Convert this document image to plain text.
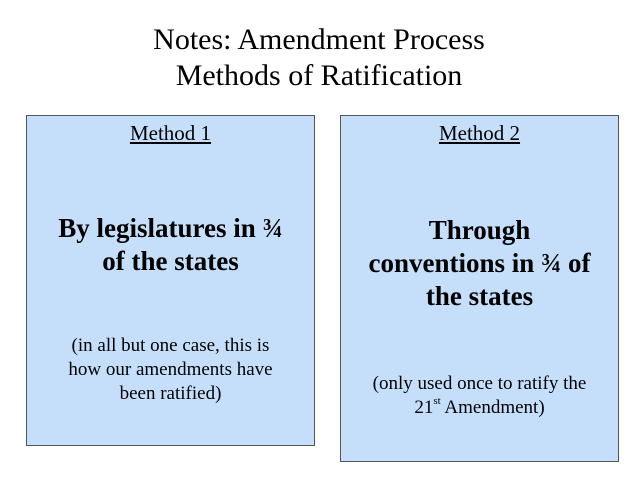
Notes: Amendment Process
Methods of Ratification
Method 1
By legislatures in ¾
of the states
(in all but one case, this is
how our amendments have
been ratified)
Method 2
Through
conventions in ¾ of
the states
(only used once to ratify the
21st Amendment)
